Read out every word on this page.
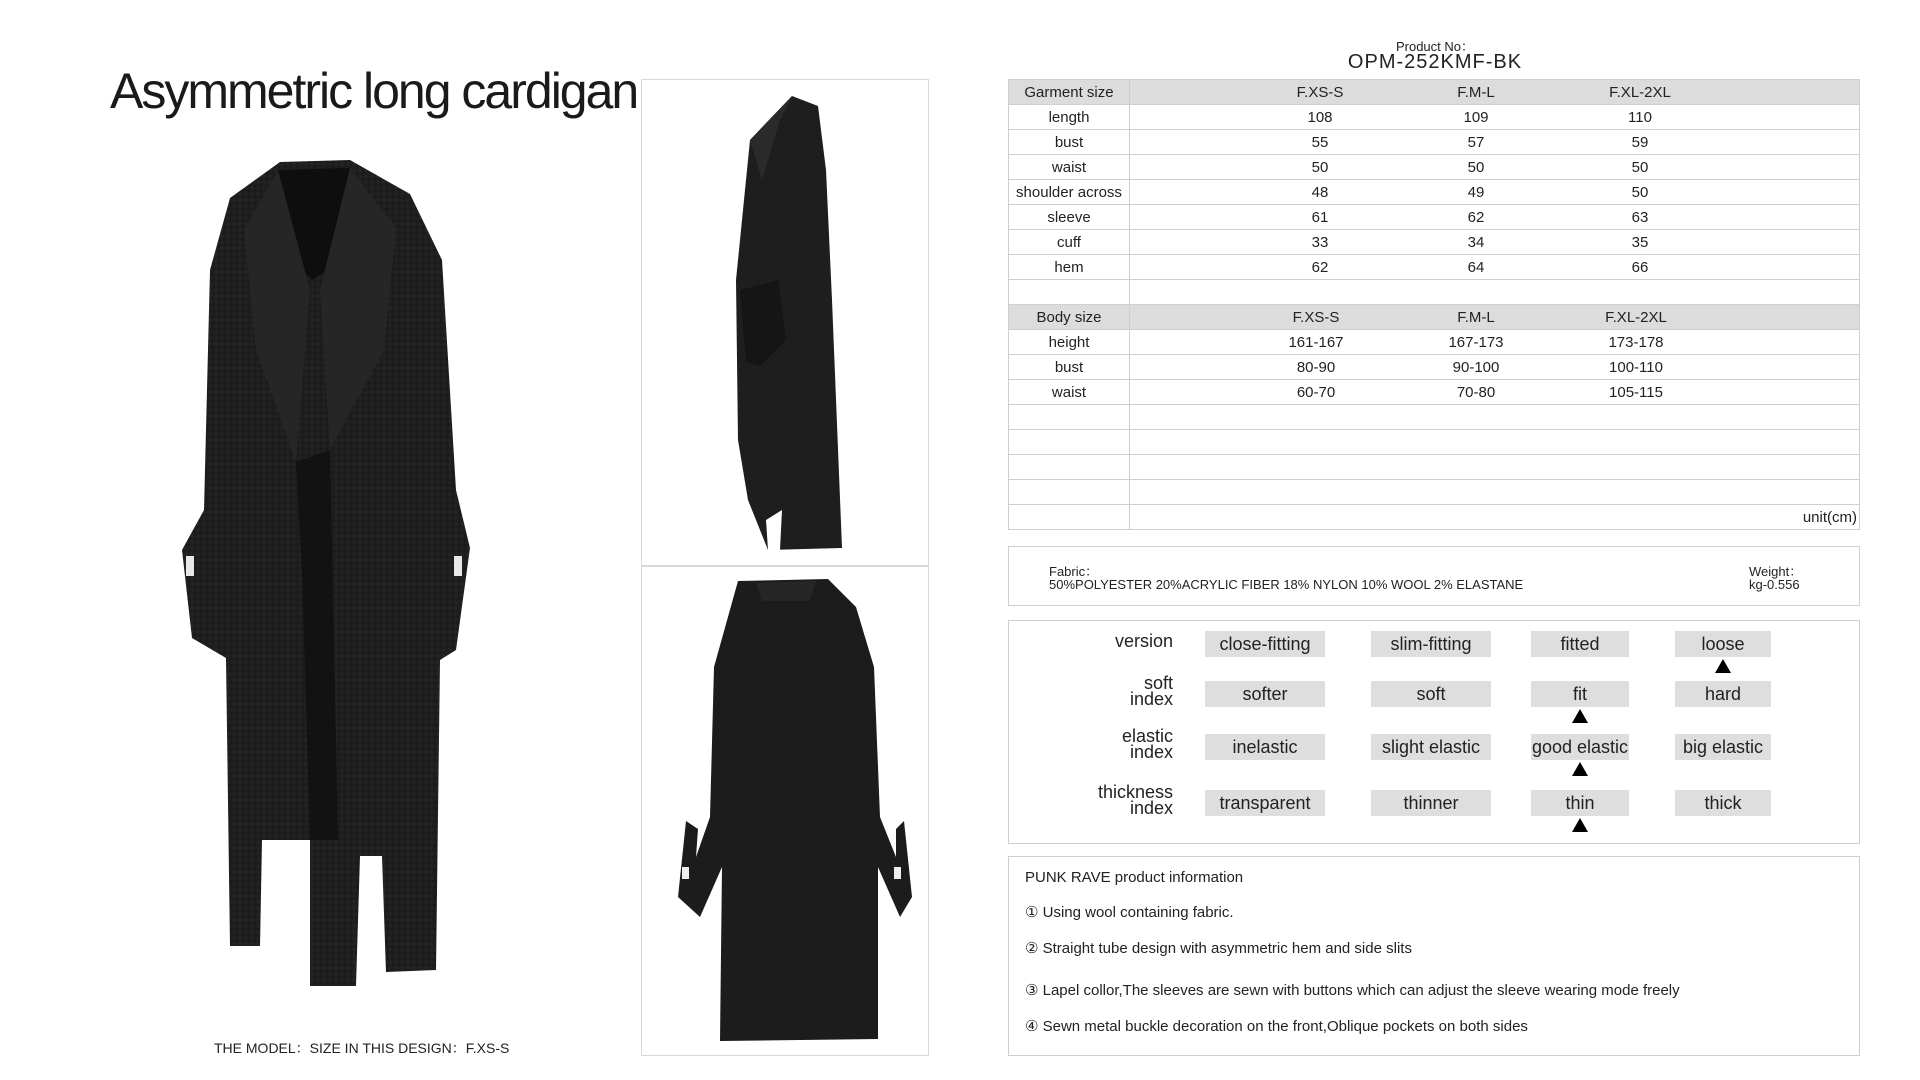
Asymmetric long cardigan
THE MODEL：SIZE IN THIS DESIGN：F.XS-S
Product No：
OPM-252KMF-BK
Garment size	F.XS-S F.M-L F.XL-2XL

length	108 109 110

bust	55 57 59

waist	50 50 50

shoulder across	48 49 50

sleeve	61 62 63

cuff	33 34 35

hem	62 64 66

Body size	F.XS-S F.M-L F.XL-2XL

height	161-167 167-173 173-178

bust	80-90 90-100 100-110

waist	60-70 70-80 105-115

	unit(cm)
Fabric：
50%POLYESTER 20%ACRYLIC FIBER 18% NYLON 10% WOOL 2% ELASTANE
Weight：
kg-0.556
version	close-fitting	slim-fitting	fitted	loose
soft
index	softer	soft	fit	hard
elastic
index	inelastic	slight elastic	good elastic	big elastic
thickness
index	transparent	thinner	thin	thick
PUNK RAVE product information
① Using wool containing fabric.
② Straight tube design with asymmetric hem and side slits
③ Lapel collor,The sleeves are sewn with buttons which can adjust the sleeve wearing mode freely
④ Sewn metal buckle decoration on the front,Oblique pockets on both sides
